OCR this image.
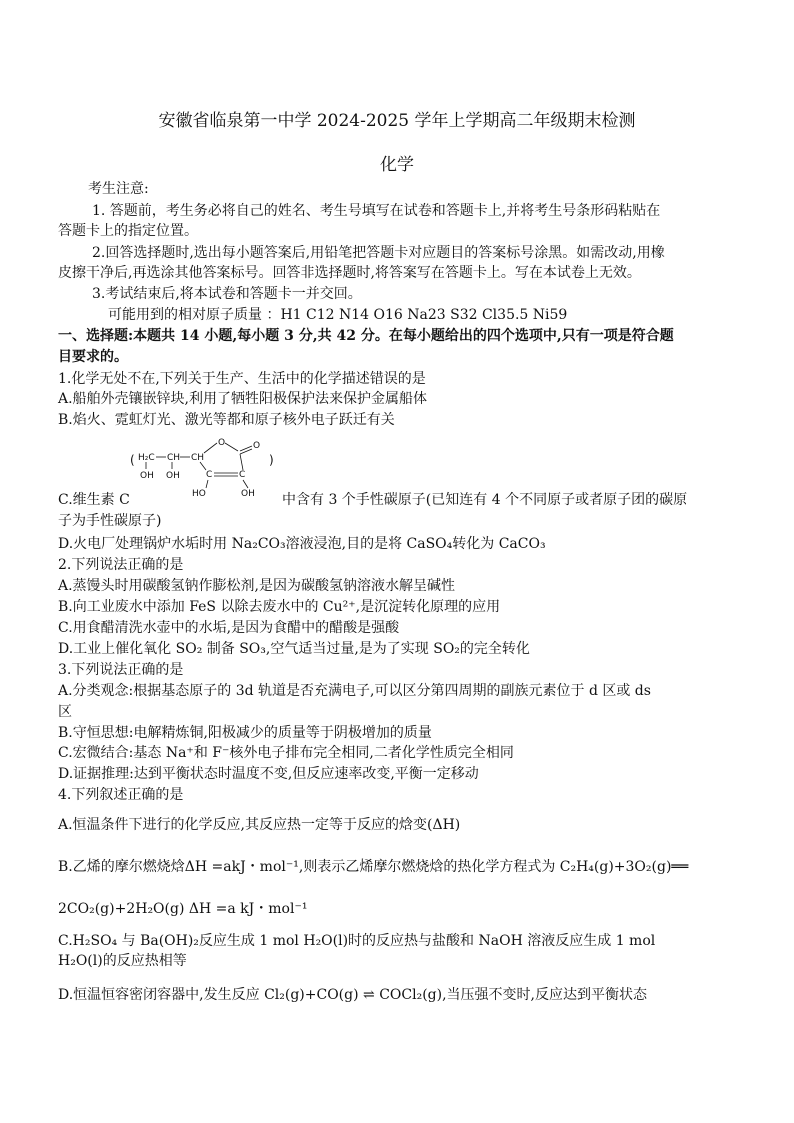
安徽省临泉第一中学 2024-2025 学年上学期高二年级期末检测
化学
考生注意:
1. 答题前，考生务必将自己的姓名、考生号填写在试卷和答题卡上,并将考生号条形码粘贴在
答题卡上的指定位置。
2.回答选择题时,选出每小题答案后,用铅笔把答题卡对应题目的答案标号涂黑。如需改动,用橡
皮擦干净后,再选涂其他答案标号。回答非选择题时,将答案写在答题卡上。写在本试卷上无效。
3.考试结束后,将本试卷和答题卡一并交回。
可能用到的相对原子质量 ：H1 C12 N14 O16 Na23 S32 Cl35.5 Ni59
一、选择题:本题共 14 小题,每小题 3 分,共 42 分。在每小题给出的四个选项中,只有一项是符合题
目要求的。
1.化学无处不在,下列关于生产、生活中的化学描述错误的是
A.船舶外壳镶嵌锌块,利用了牺牲阳极保护法来保护金属船体
B.焰火、霓虹灯光、激光等都和原子核外电子跃迁有关
( H₂C CH CH
OH OH
O	O
C	C
HO	OH
)
C.维生素 C	中含有 3 个手性碳原子(已知连有 4 个不同原子或者原子团的碳原
子为手性碳原子)
D.火电厂处理锅炉水垢时用 Na₂CO₃溶液浸泡,目的是将 CaSO₄转化为 CaCO₃
2.下列说法正确的是
A.蒸馒头时用碳酸氢钠作膨松剂,是因为碳酸氢钠溶液水解呈碱性
B.向工业废水中添加 FeS 以除去废水中的 Cu²⁺,是沉淀转化原理的应用
C.用食醋清洗水壶中的水垢,是因为食醋中的醋酸是强酸
D.工业上催化氧化 SO₂ 制备 SO₃,空气适当过量,是为了实现 SO₂的完全转化
3.下列说法正确的是
A.分类观念:根据基态原子的 3d 轨道是否充满电子,可以区分第四周期的副族元素位于 d 区或 ds
区
B.守恒思想:电解精炼铜,阳极减少的质量等于阴极增加的质量
C.宏微结合:基态 Na⁺和 F⁻核外电子排布完全相同,二者化学性质完全相同
D.证据推理:达到平衡状态时温度不变,但反应速率改变,平衡一定移动
4.下列叙述正确的是
A.恒温条件下进行的化学反应,其反应热一定等于反应的焓变(ΔH)
B.乙烯的摩尔燃烧焓ΔH =akJ・mol⁻¹,则表示乙烯摩尔燃烧焓的热化学方程式为 C₂H₄(g)+3O₂(g)══
2CO₂(g)+2H₂O(g) ΔH =a kJ・mol⁻¹
C.H₂SO₄ 与 Ba(OH)₂反应生成 1 mol H₂O(l)时的反应热与盐酸和 NaOH 溶液反应生成 1 mol
H₂O(l)的反应热相等
D.恒温恒容密闭容器中,发生反应 Cl₂(g)+CO(g) ⇌ COCl₂(g),当压强不变时,反应达到平衡状态
